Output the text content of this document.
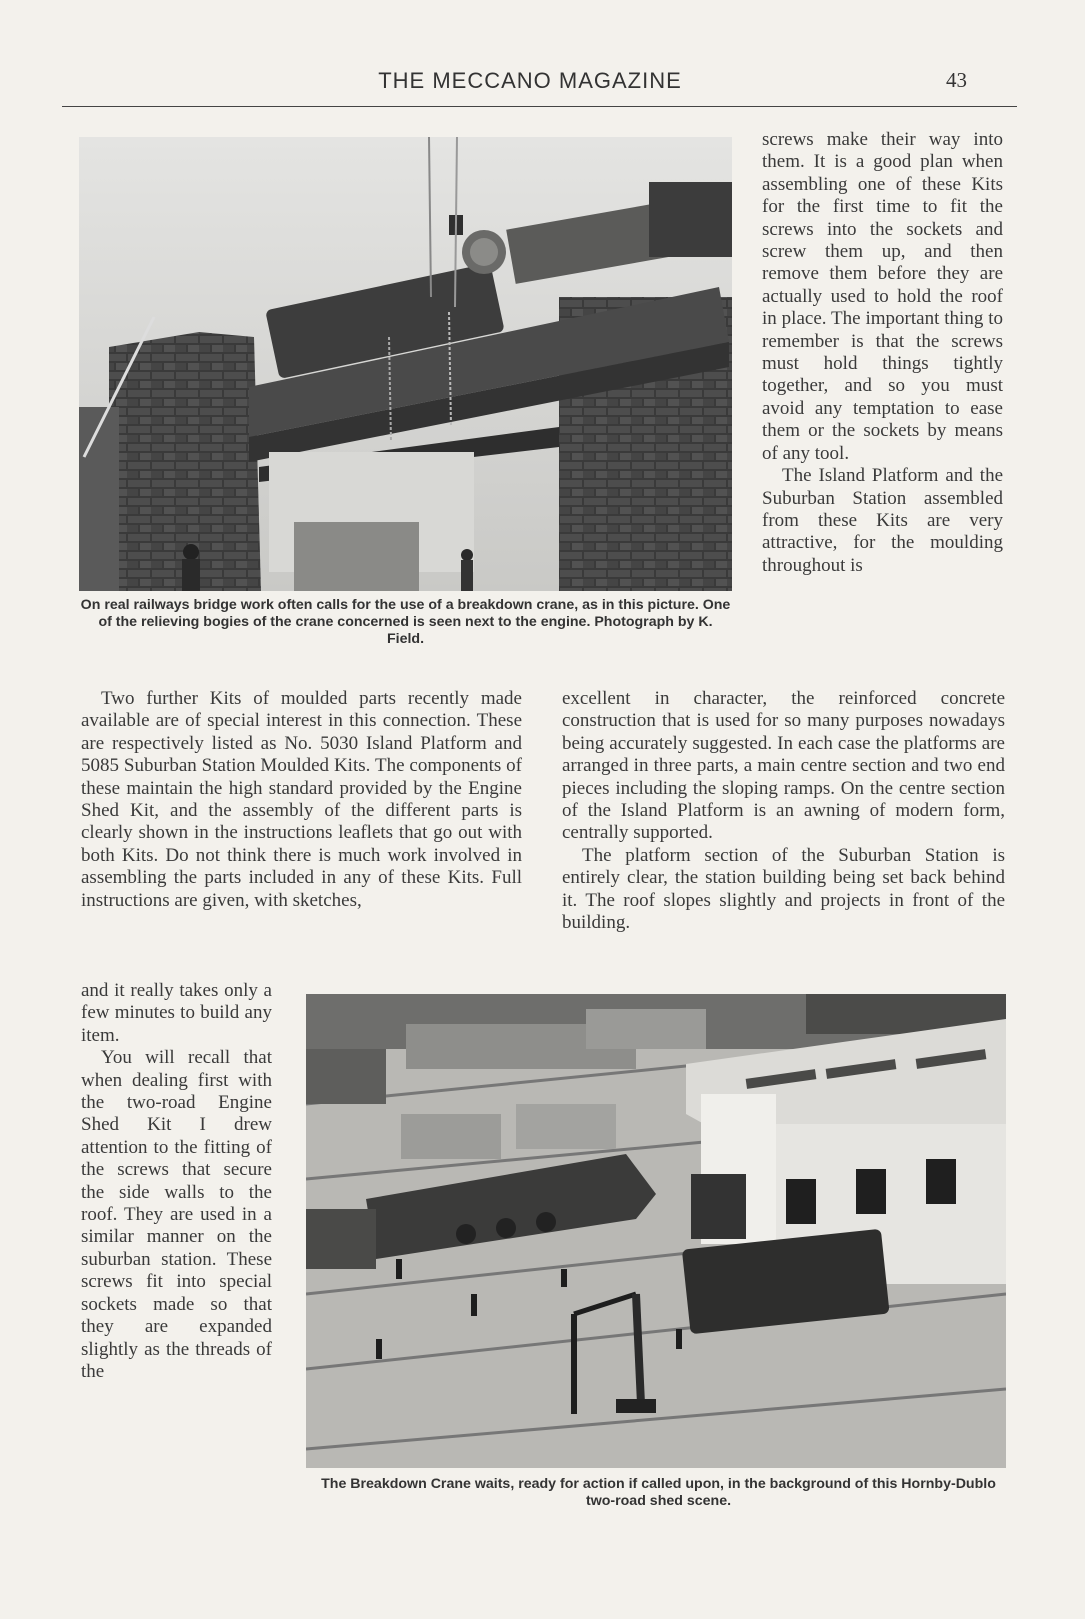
THE MECCANO MAGAZINE	43
On real railways bridge work often calls for the use of a breakdown crane, as in this picture. One of the relieving bogies of the crane concerned is seen next to the engine. Photograph by K. Field.

screws make their way into them. It is a good plan when assembling one of these Kits for the first time to fit the screws into the sockets and screw them up, and then remove them before they are actually used to hold the roof in place. The important thing to remember is that the screws must hold things tightly together, and so you must avoid any temptation to ease them or the sockets by means of any tool.

The Island Platform and the Suburban Station assembled from these Kits are very attractive, for the moulding throughout is

Two further Kits of moulded parts recently made available are of special interest in this connection. These are respectively listed as No. 5030 Island Platform and 5085 Suburban Station Moulded Kits. The components of these maintain the high standard provided by the Engine Shed Kit, and the assembly of the different parts is clearly shown in the instructions leaflets that go out with both Kits. Do not think there is much work involved in assembling the parts included in any of these Kits. Full instructions are given, with sketches,

excellent in character, the reinforced concrete construction that is used for so many purposes nowadays being accurately suggested. In each case the platforms are arranged in three parts, a main centre section and two end pieces including the sloping ramps. On the centre section of the Island Platform is an awning of modern form, centrally supported.

The platform section of the Suburban Station is entirely clear, the station building being set back behind it. The roof slopes slightly and projects in front of the building.

and it really takes only a few minutes to build any item.

You will recall that when dealing first with the two-road Engine Shed Kit I drew attention to the fitting of the screws that secure the side walls to the roof. They are used in a similar manner on the suburban station. These screws fit into special sockets made so that they are expanded slightly as the threads of the

The Breakdown Crane waits, ready for action if called upon, in the background of this Hornby-Dublo two-road shed scene.
